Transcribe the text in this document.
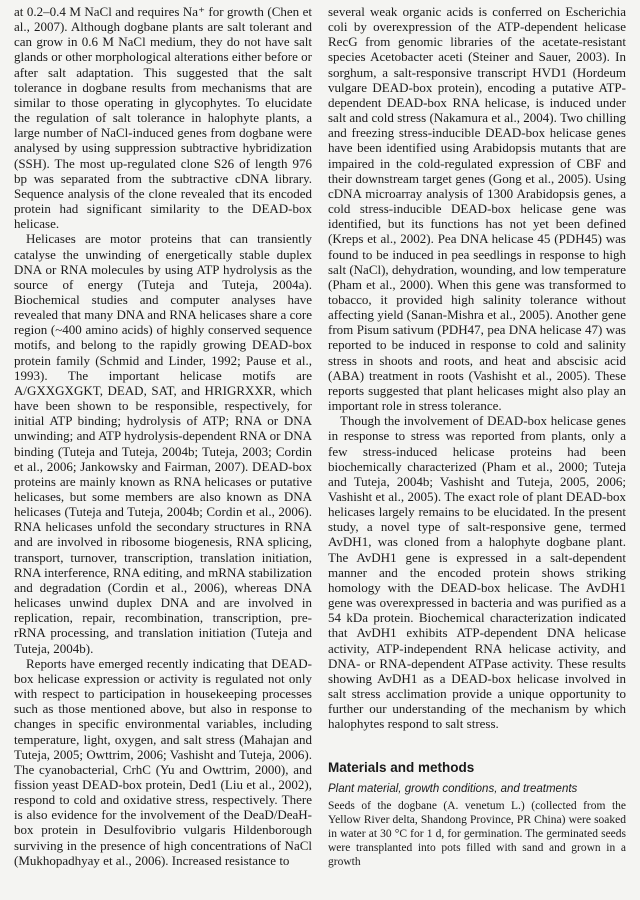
at 0.2–0.4 M NaCl and requires Na⁺ for growth (Chen et al., 2007). Although dogbane plants are salt tolerant and can grow in 0.6 M NaCl medium, they do not have salt glands or other morphological alterations either before or after salt adaptation. This suggested that the salt tolerance in dogbane results from mechanisms that are similar to those operating in glycophytes. To elucidate the regulation of salt tolerance in halophyte plants, a large number of NaCl-induced genes from dogbane were analysed by using suppression subtractive hybridization (SSH). The most up-regulated clone S26 of length 976 bp was separated from the subtractive cDNA library. Sequence analysis of the clone revealed that its encoded protein had significant similarity to the DEAD-box helicase.

Helicases are motor proteins that can transiently catalyse the unwinding of energetically stable duplex DNA or RNA molecules by using ATP hydrolysis as the source of energy (Tuteja and Tuteja, 2004a). Biochemical studies and computer analyses have revealed that many DNA and RNA helicases share a core region (~400 amino acids) of highly conserved sequence motifs, and belong to the rapidly growing DEAD-box protein family (Schmid and Linder, 1992; Pause et al., 1993). The important helicase motifs are A/GXXGXGKT, DEAD, SAT, and HRIGRXXR, which have been shown to be responsible, respectively, for initial ATP binding; hydrolysis of ATP; RNA or DNA unwinding; and ATP hydrolysis-dependent RNA or DNA binding (Tuteja and Tuteja, 2004b; Tuteja, 2003; Cordin et al., 2006; Jankowsky and Fairman, 2007). DEAD-box proteins are mainly known as RNA helicases or putative helicases, but some members are also known as DNA helicases (Tuteja and Tuteja, 2004b; Cordin et al., 2006). RNA helicases unfold the secondary structures in RNA and are involved in ribosome biogenesis, RNA splicing, transport, turnover, transcription, translation initiation, RNA interference, RNA editing, and mRNA stabilization and degradation (Cordin et al., 2006), whereas DNA helicases unwind duplex DNA and are involved in replication, repair, recombination, transcription, pre-rRNA processing, and translation initiation (Tuteja and Tuteja, 2004b).

Reports have emerged recently indicating that DEAD-box helicase expression or activity is regulated not only with respect to participation in housekeeping processes such as those mentioned above, but also in response to changes in specific environmental variables, including temperature, light, oxygen, and salt stress (Mahajan and Tuteja, 2005; Owttrim, 2006; Vashisht and Tuteja, 2006). The cyanobacterial, CrhC (Yu and Owttrim, 2000), and fission yeast DEAD-box protein, Ded1 (Liu et al., 2002), respond to cold and oxidative stress, respectively. There is also evidence for the involvement of the DeaD/DeaH-box protein in Desulfovibrio vulgaris Hildenborough surviving in the presence of high concentrations of NaCl (Mukhopadhyay et al., 2006). Increased resistance to

several weak organic acids is conferred on Escherichia coli by overexpression of the ATP-dependent helicase RecG from genomic libraries of the acetate-resistant species Acetobacter aceti (Steiner and Sauer, 2003). In sorghum, a salt-responsive transcript HVD1 (Hordeum vulgare DEAD-box protein), encoding a putative ATP-dependent DEAD-box RNA helicase, is induced under salt and cold stress (Nakamura et al., 2004). Two chilling and freezing stress-inducible DEAD-box helicase genes have been identified using Arabidopsis mutants that are impaired in the cold-regulated expression of CBF and their downstream target genes (Gong et al., 2005). Using cDNA microarray analysis of 1300 Arabidopsis genes, a cold stress-inducible DEAD-box helicase gene was identified, but its functions has not yet been defined (Kreps et al., 2002). Pea DNA helicase 45 (PDH45) was found to be induced in pea seedlings in response to high salt (NaCl), dehydration, wounding, and low temperature (Pham et al., 2000). When this gene was transformed to tobacco, it provided high salinity tolerance without affecting yield (Sanan-Mishra et al., 2005). Another gene from Pisum sativum (PDH47, pea DNA helicase 47) was reported to be induced in response to cold and salinity stress in shoots and roots, and heat and abscisic acid (ABA) treatment in roots (Vashisht et al., 2005). These reports suggested that plant helicases might also play an important role in stress tolerance.

Though the involvement of DEAD-box helicase genes in response to stress was reported from plants, only a few stress-induced helicase proteins had been biochemically characterized (Pham et al., 2000; Tuteja and Tuteja, 2004b; Vashisht and Tuteja, 2005, 2006; Vashisht et al., 2005). The exact role of plant DEAD-box helicases largely remains to be elucidated. In the present study, a novel type of salt-responsive gene, termed AvDH1, was cloned from a halophyte dogbane plant. The AvDH1 gene is expressed in a salt-dependent manner and the encoded protein shows striking homology with the DEAD-box helicase. The AvDH1 gene was overexpressed in bacteria and was purified as a 54 kDa protein. Biochemical characterization indicated that AvDH1 exhibits ATP-dependent DNA helicase activity, ATP-independent RNA helicase activity, and DNA- or RNA-dependent ATPase activity. These results showing AvDH1 as a DEAD-box helicase involved in salt stress acclimation provide a unique opportunity to further our understanding of the mechanism by which halophytes respond to salt stress.

Materials and methods
Plant material, growth conditions, and treatments

Seeds of the dogbane (A. venetum L.) (collected from the Yellow River delta, Shandong Province, PR China) were soaked in water at 30 °C for 1 d, for germination. The germinated seeds were transplanted into pots filled with sand and grown in a growth
